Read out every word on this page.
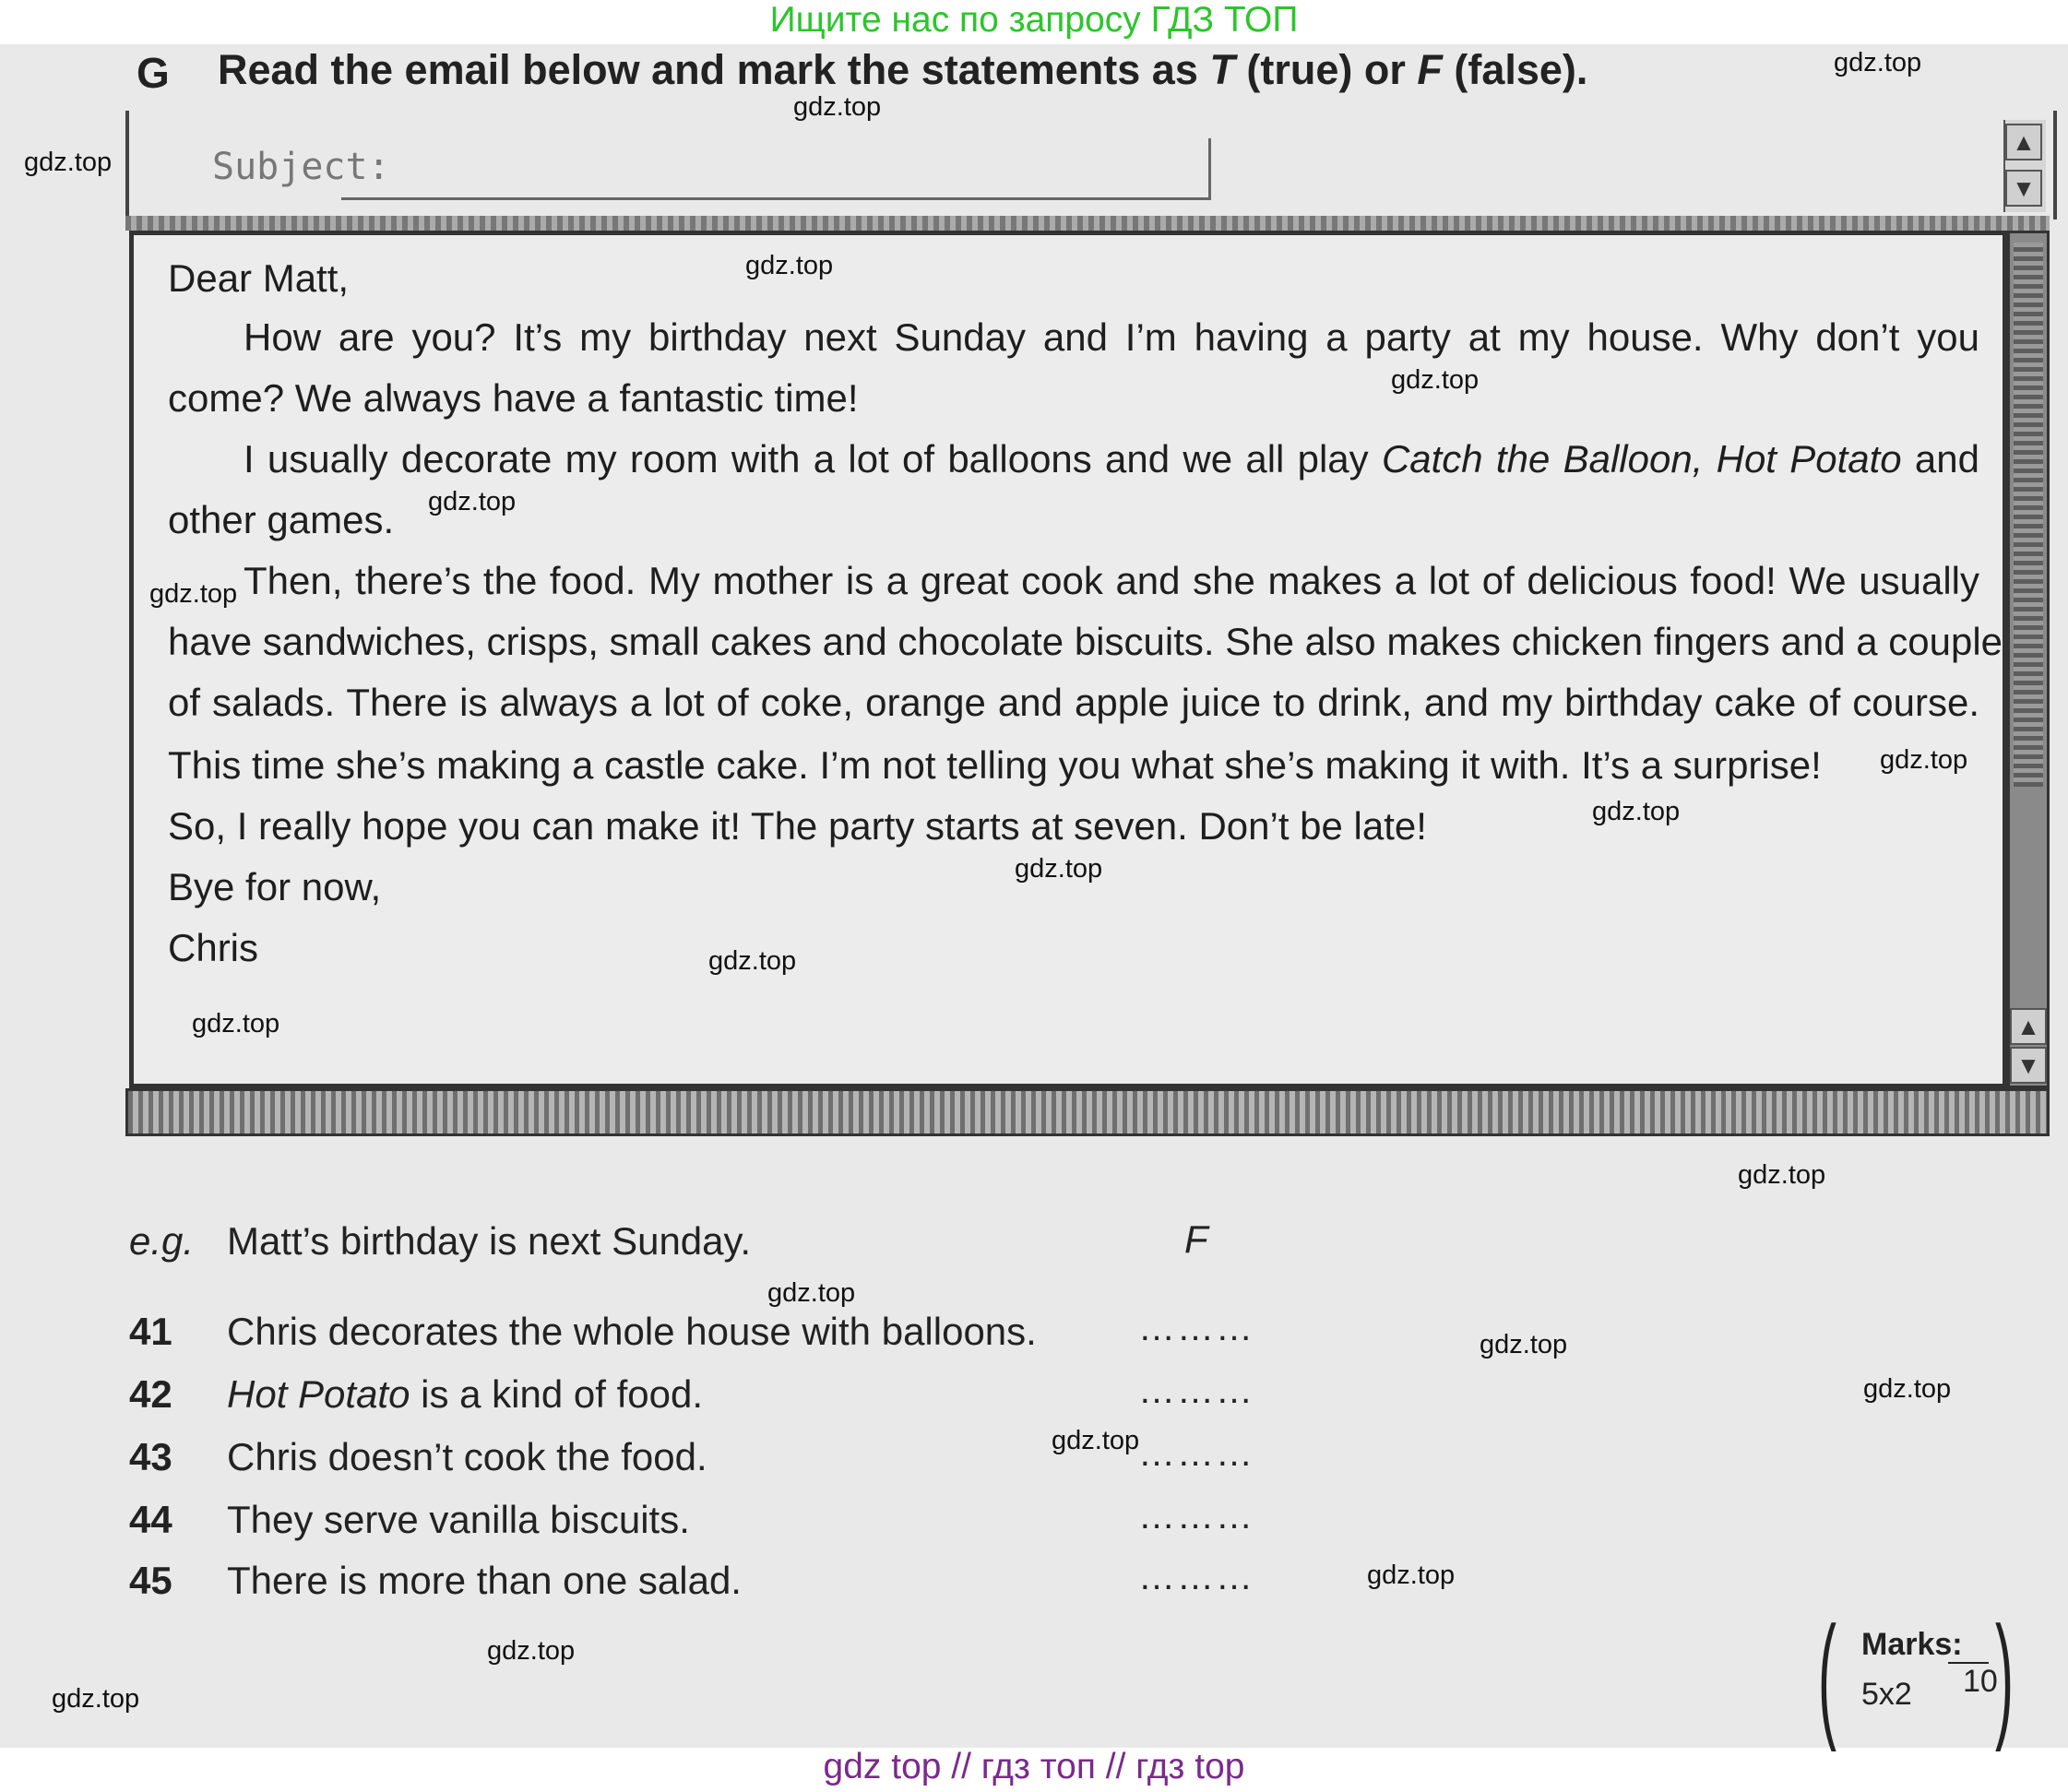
Ищите нас по запросу ГДЗ ТОП
G Read the email below and mark the statements as T (true) or F (false).
Subject:
▲
▼
▲
▼
Dear Matt,
How are you? It’s my birthday next Sunday and I’m having a party at my house. Why don’t you
come? We always have a fantastic time!
I usually decorate my room with a lot of balloons and we all play Catch the Balloon, Hot Potato and
other games.
Then, there’s the food. My mother is a great cook and she makes a lot of delicious food! We usually
have sandwiches, crisps, small cakes and chocolate biscuits. She also makes chicken fingers and a couple
of salads. There is always a lot of coke, orange and apple juice to drink, and my birthday cake of course.
This time she’s making a castle cake. I’m not telling you what she’s making it with. It’s a surprise!
So, I really hope you can make it! The party starts at seven. Don’t be late!
Bye for now,
Chris
e.g. Matt’s birthday is next Sunday.	F
41 Chris decorates the whole house with balloons.	………
42 Hot Potato is a kind of food.	………
43 Chris doesn’t cook the food.	………
44 They serve vanilla biscuits.	………
45 There is more than one salad.	………
( )
Marks:
5x2 10
gdz.top
gdz.top
gdz.top
gdz.top
gdz.top
gdz.top
gdz.top
gdz.top
gdz.top
gdz.top
gdz.top
gdz.top
gdz.top
gdz.top
gdz.top
gdz.top
gdz.top
gdz.top
gdz.top
gdz.top
gdz top // гдз топ // гдз top
